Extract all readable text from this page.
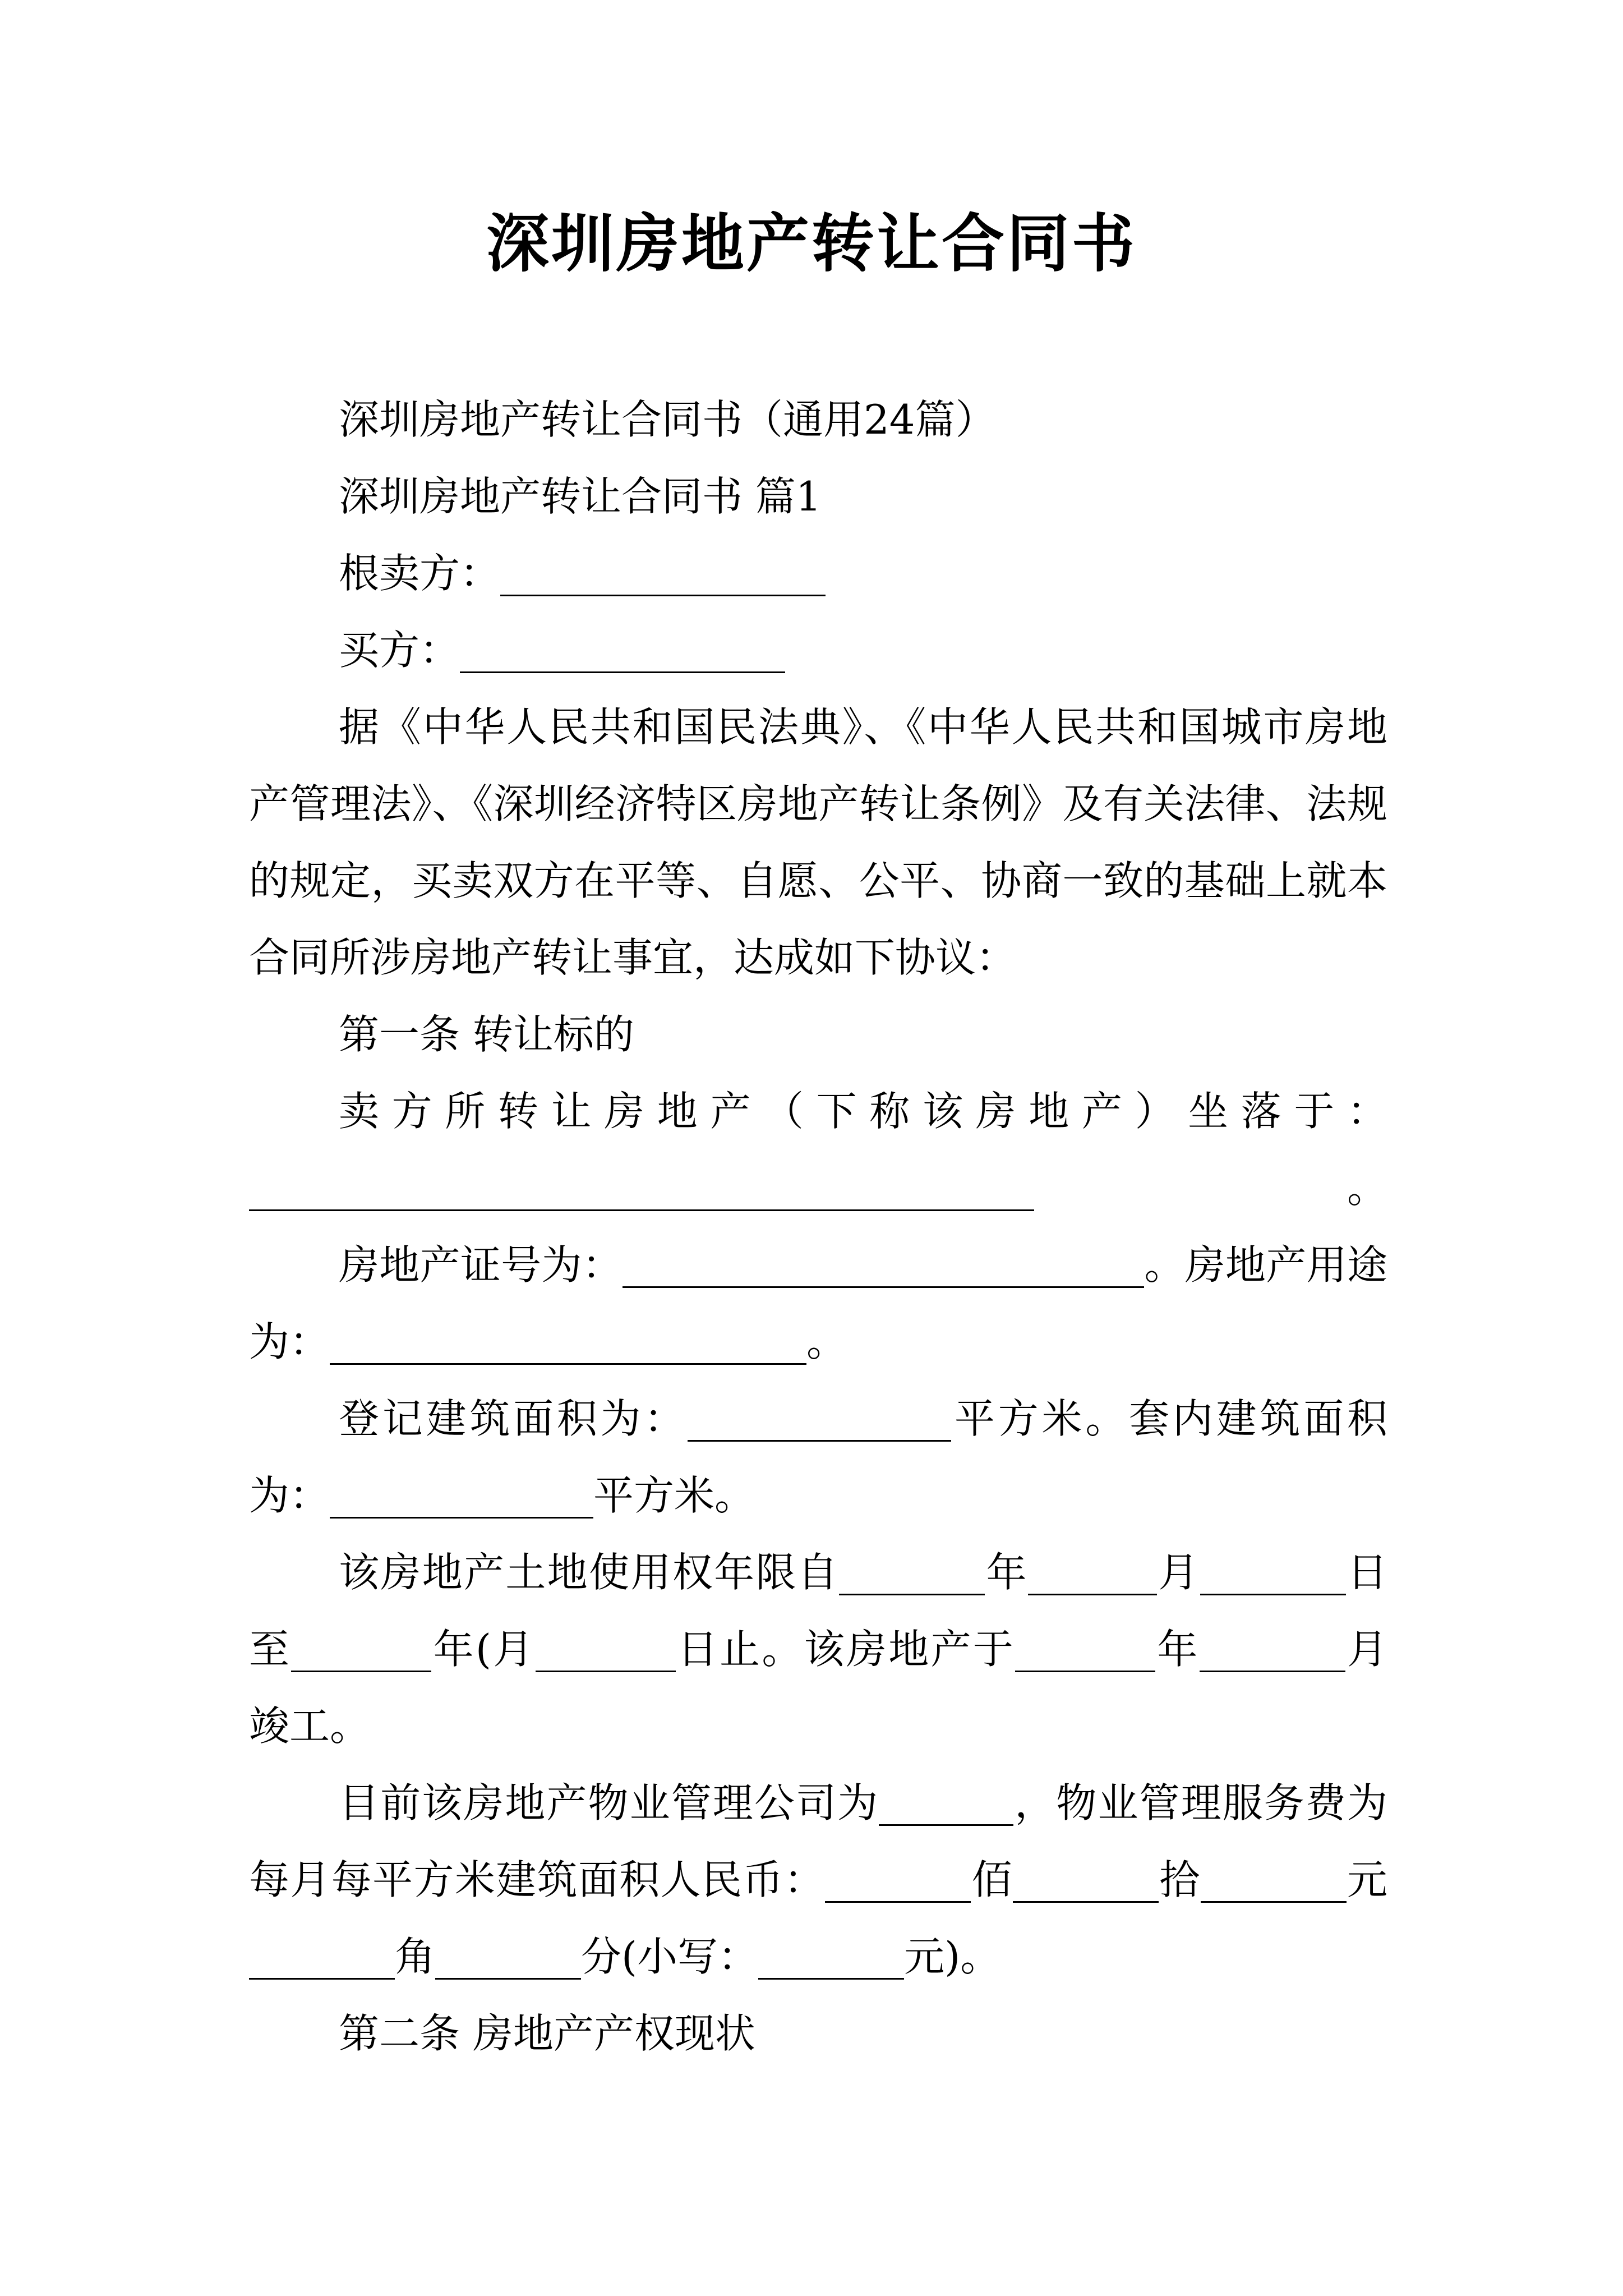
深圳房地产转让合同书

深圳房地产转让合同书（通用24篇）

深圳房地产转让合同书 篇1

根卖方：

买方：

据《中华人民共和国民法典》、《中华人民共和国城市房地产管理法》、《深圳经济特区房地产转让条例》及有关法律、法规的规定，买卖双方在平等、自愿、公平、协商一致的基础上就本合同所涉房地产转让事宜，达成如下协议：

第一条 转让标的

卖方所转让房地产（下称该房地产）坐落于：。

房地产证号为：	。房地产用途为：	。

登记建筑面积为：	平方米。套内建筑面积为：	平方米。

该房地产土地使用权年限自	年	月	日至	年(月	日止。该房地产于	年	月竣工。

目前该房地产物业管理公司为	，物业管理服务费为每月每平方米建筑面积人民币：	佰	拾	元角	分(小写：	元)。

第二条 房地产产权现状
